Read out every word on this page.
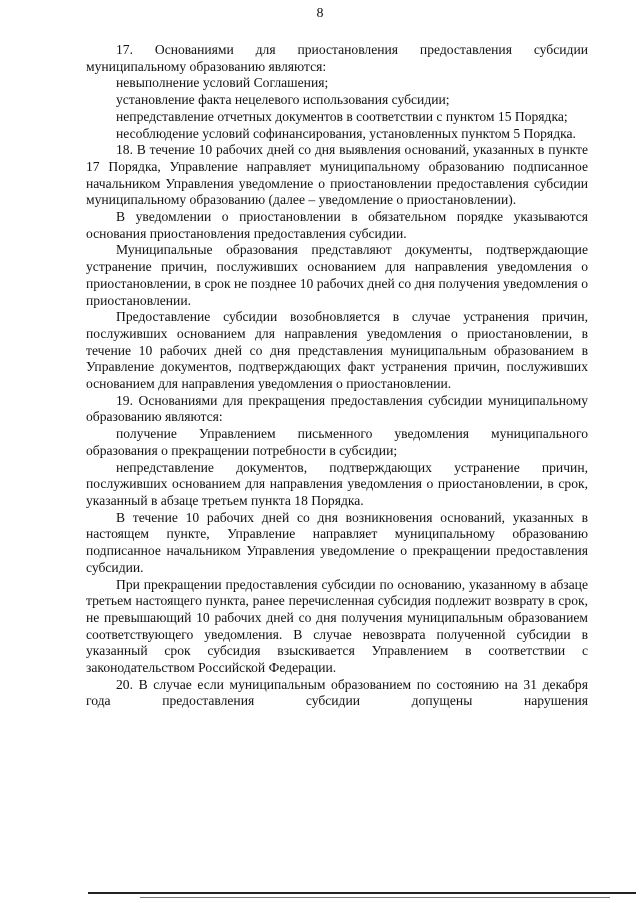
8

17. Основаниями для приостановления предоставления субсидии муниципальному образованию являются:

невыполнение условий Соглашения;

установление факта нецелевого использования субсидии;

непредставление отчетных документов в соответствии с пунктом 15 Порядка;

несоблюдение условий софинансирования, установленных пунктом 5 Порядка.

18. В течение 10 рабочих дней со дня выявления оснований, указанных в пункте 17 Порядка, Управление направляет муниципальному образованию подписанное начальником Управления уведомление о приостановлении предоставления субсидии муниципальному образованию (далее – уведомление о приостановлении).

В уведомлении о приостановлении в обязательном порядке указываются основания приостановления предоставления субсидии.

Муниципальные образования представляют документы, подтверждающие устранение причин, послуживших основанием для направления уведомления о приостановлении, в срок не позднее 10 рабочих дней со дня получения уведомления о приостановлении.

Предоставление субсидии возобновляется в случае устранения причин, послуживших основанием для направления уведомления о приостановлении, в течение 10 рабочих дней со дня представления муниципальным образованием в Управление документов, подтверждающих факт устранения причин, послуживших основанием для направления уведомления о приостановлении.

19. Основаниями для прекращения предоставления субсидии муниципальному образованию являются:

получение Управлением письменного уведомления муниципального образования о прекращении потребности в субсидии;

непредставление документов, подтверждающих устранение причин, послуживших основанием для направления уведомления о приостановлении, в срок, указанный в абзаце третьем пункта 18 Порядка.

В течение 10 рабочих дней со дня возникновения оснований, указанных в настоящем пункте, Управление направляет муниципальному образованию подписанное начальником Управления уведомление о прекращении предоставления субсидии.

При прекращении предоставления субсидии по основанию, указанному в абзаце третьем настоящего пункта, ранее перечисленная субсидия подлежит возврату в срок, не превышающий 10 рабочих дней со дня получения муниципальным образованием соответствующего уведомления. В случае невозврата полученной субсидии в указанный срок субсидия взыскивается Управлением в соответствии с законодательством Российской Федерации.

20. В случае если муниципальным образованием по состоянию на 31 декабря года предоставления субсидии допущены нарушения
